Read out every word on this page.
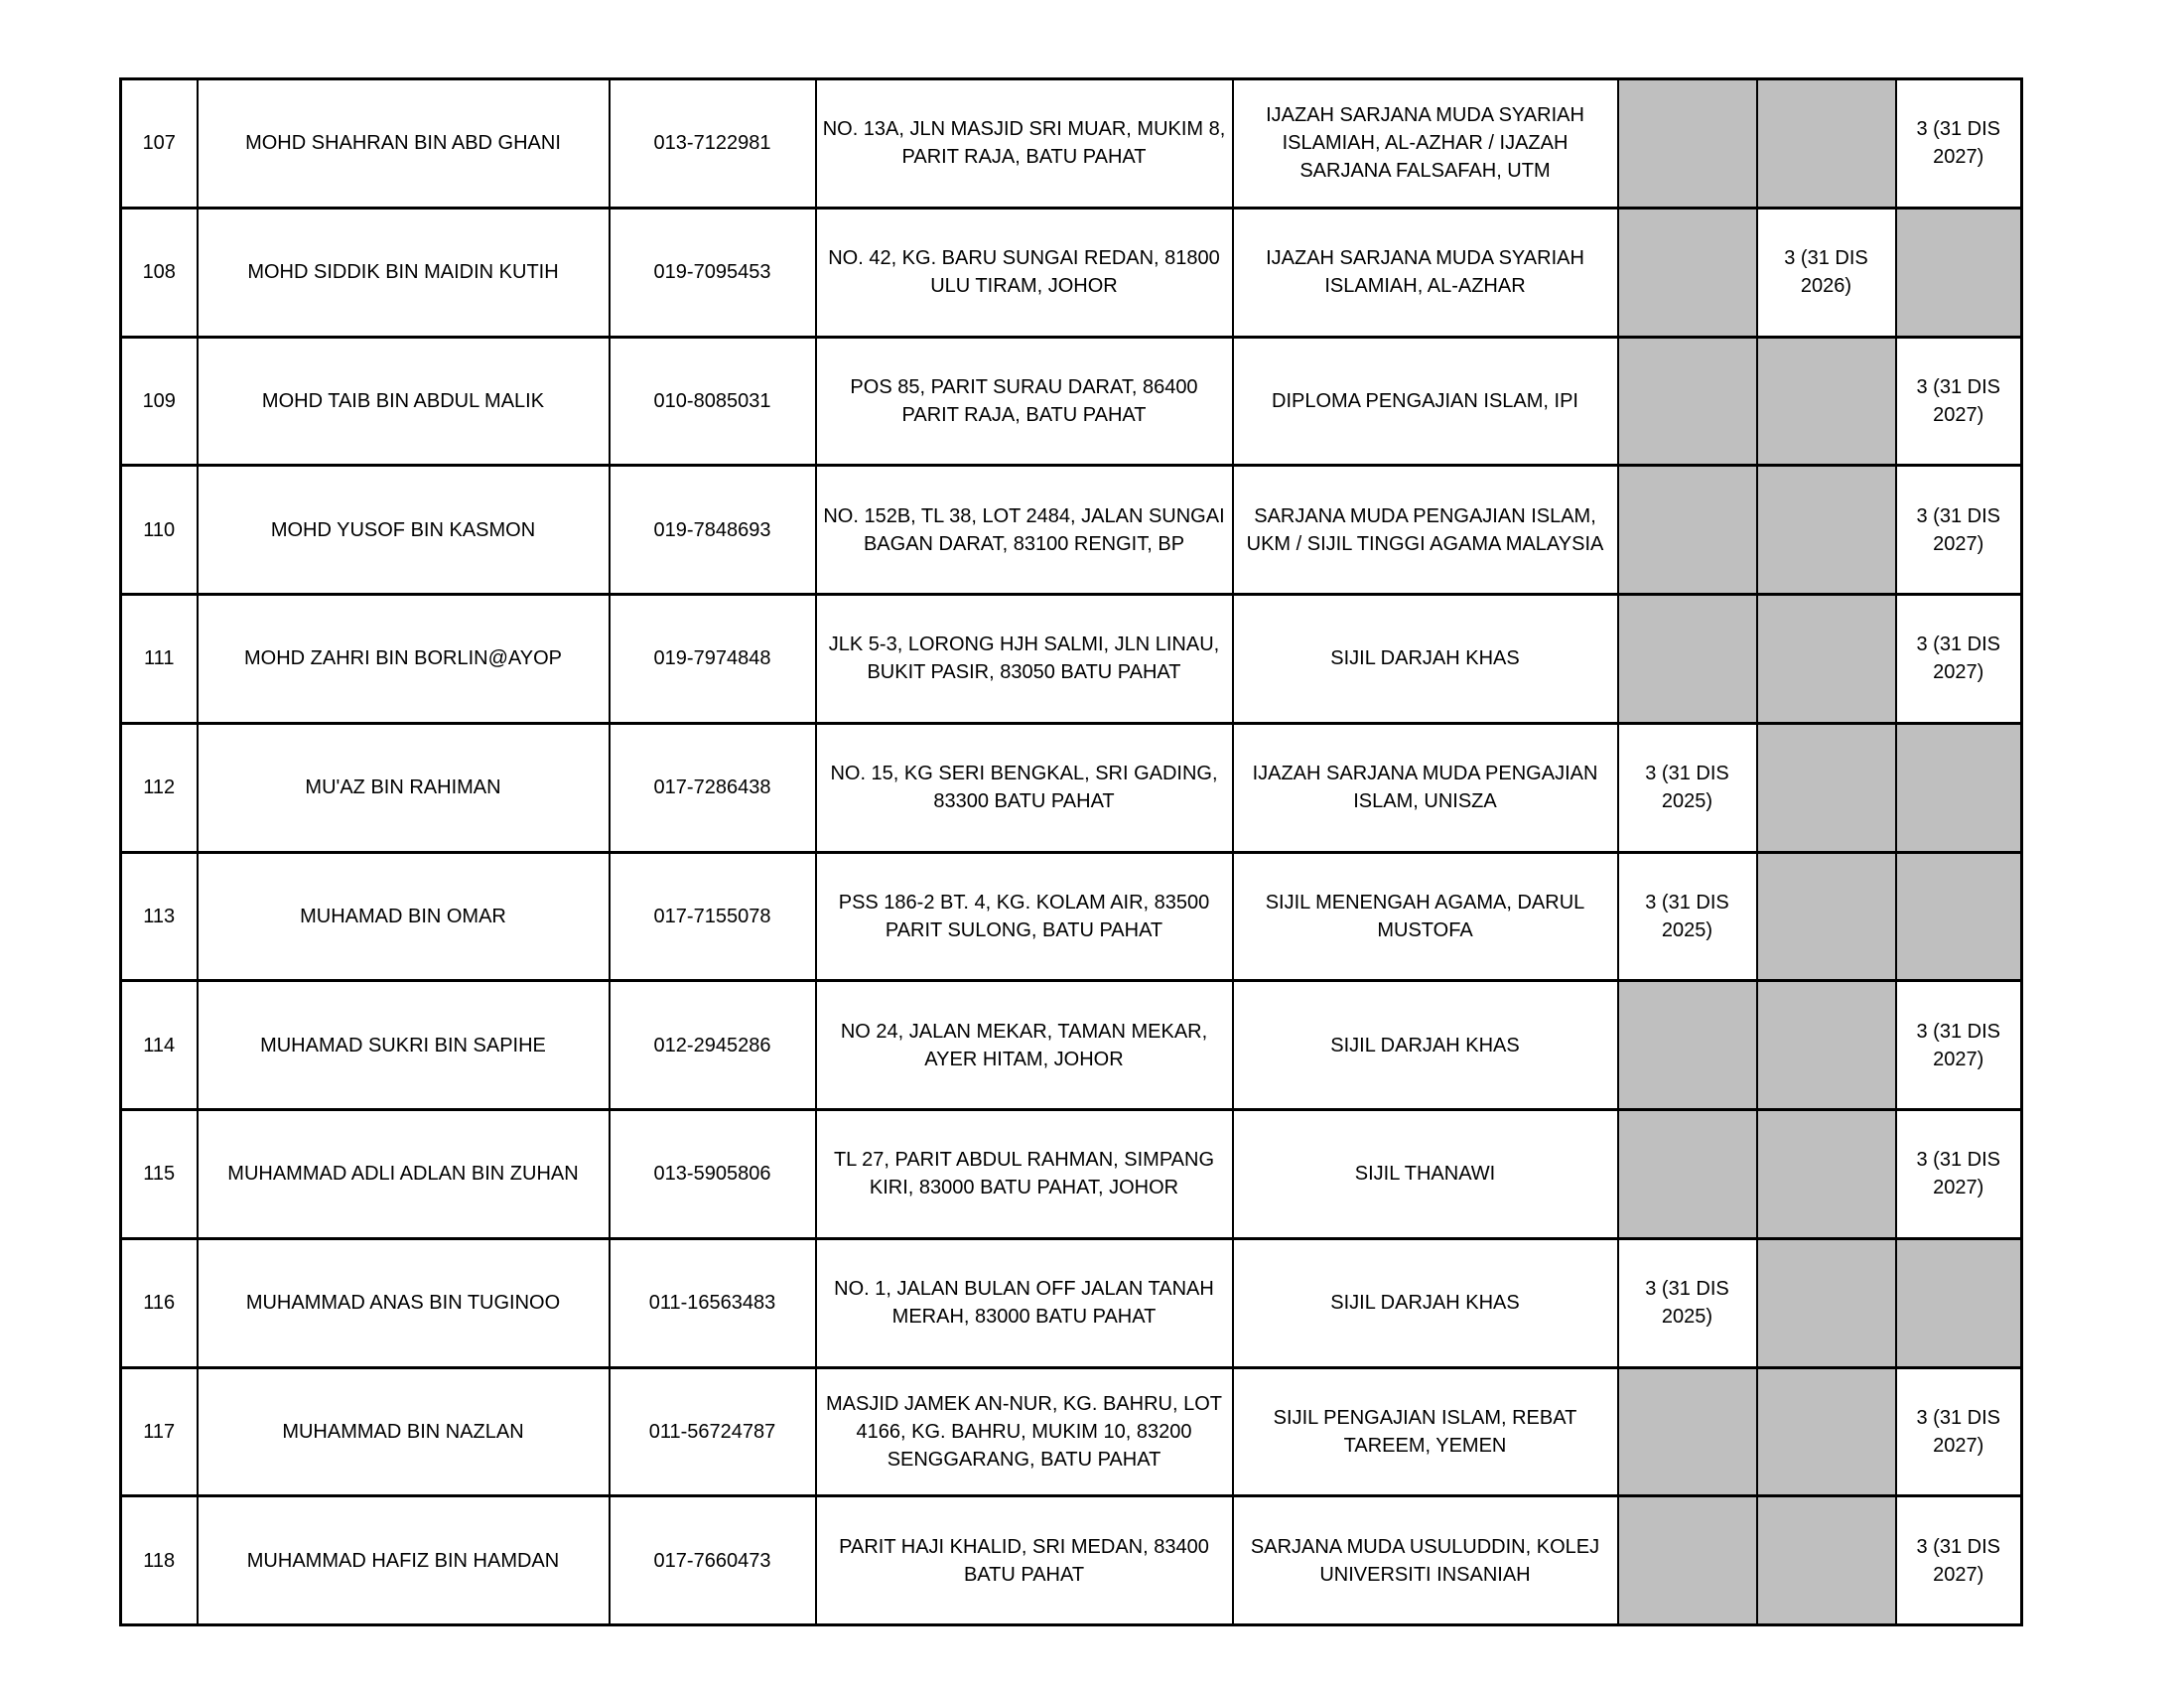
107	MOHD SHAHRAN BIN ABD GHANI	013-7122981	NO. 13A, JLN MASJID SRI MUAR, MUKIM 8, PARIT RAJA, BATU PAHAT	IJAZAH SARJANA MUDA SYARIAH ISLAMIAH, AL-AZHAR / IJAZAH SARJANA FALSAFAH, UTM			3 (31 DIS 2027)
108	MOHD SIDDIK BIN MAIDIN KUTIH	019-7095453	NO. 42, KG. BARU SUNGAI REDAN, 81800 ULU TIRAM, JOHOR	IJAZAH SARJANA MUDA SYARIAH ISLAMIAH, AL-AZHAR		3 (31 DIS 2026)	
109	MOHD TAIB BIN ABDUL MALIK	010-8085031	POS 85, PARIT SURAU DARAT, 86400 PARIT RAJA, BATU PAHAT	DIPLOMA PENGAJIAN ISLAM, IPI			3 (31 DIS 2027)
110	MOHD YUSOF BIN KASMON	019-7848693	NO. 152B, TL 38, LOT 2484, JALAN SUNGAI BAGAN DARAT, 83100 RENGIT, BP	SARJANA MUDA PENGAJIAN ISLAM, UKM / SIJIL TINGGI AGAMA MALAYSIA			3 (31 DIS 2027)
111	MOHD ZAHRI BIN BORLIN@AYOP	019-7974848	JLK 5-3, LORONG HJH SALMI, JLN LINAU, BUKIT PASIR, 83050 BATU PAHAT	SIJIL DARJAH KHAS			3 (31 DIS 2027)
112	MU'AZ BIN RAHIMAN	017-7286438	NO. 15, KG SERI BENGKAL, SRI GADING, 83300 BATU PAHAT	IJAZAH SARJANA MUDA PENGAJIAN ISLAM, UNISZA	3 (31 DIS 2025)		
113	MUHAMAD BIN OMAR	017-7155078	PSS 186-2 BT. 4, KG. KOLAM AIR, 83500 PARIT SULONG, BATU PAHAT	SIJIL MENENGAH AGAMA, DARUL MUSTOFA	3 (31 DIS 2025)		
114	MUHAMAD SUKRI BIN SAPIHE	012-2945286	NO 24, JALAN MEKAR, TAMAN MEKAR, AYER HITAM, JOHOR	SIJIL DARJAH KHAS			3 (31 DIS 2027)
115	MUHAMMAD ADLI ADLAN BIN ZUHAN	013-5905806	TL 27, PARIT ABDUL RAHMAN, SIMPANG KIRI, 83000 BATU PAHAT, JOHOR	SIJIL THANAWI			3 (31 DIS 2027)
116	MUHAMMAD ANAS BIN TUGINOO	011-16563483	NO. 1, JALAN BULAN OFF JALAN TANAH MERAH, 83000 BATU PAHAT	SIJIL DARJAH KHAS	3 (31 DIS 2025)		
117	MUHAMMAD BIN NAZLAN	011-56724787	MASJID JAMEK AN-NUR, KG. BAHRU, LOT 4166, KG. BAHRU, MUKIM 10, 83200 SENGGARANG, BATU PAHAT	SIJIL PENGAJIAN ISLAM, REBAT TAREEM, YEMEN			3 (31 DIS 2027)
118	MUHAMMAD HAFIZ BIN HAMDAN	017-7660473	PARIT HAJI KHALID, SRI MEDAN, 83400 BATU PAHAT	SARJANA MUDA USULUDDIN, KOLEJ UNIVERSITI INSANIAH			3 (31 DIS 2027)
